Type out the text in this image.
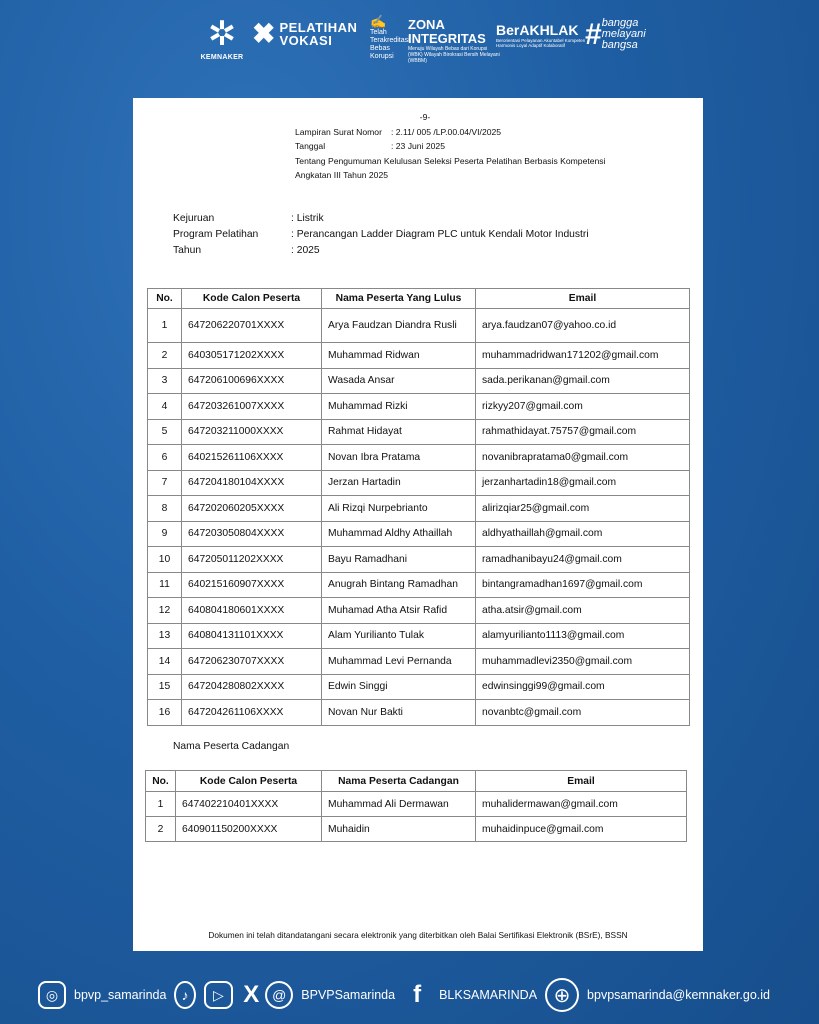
✲
KEMNAKER
✖ PELATIHAN VOKASI
✍
Telah Terakreditasi Bebas Korupsi
ZONA INTEGRITAS
Menuju Wilayah Bebas dari Korupsi (WBK) Wilayah Birokrasi Bersih Melayani (WBBM)
BerAKHLAK
Berorientasi Pelayanan Akuntabel Kompeten Harmonis Loyal Adaptif Kolaboratif # bangga melayani bangsa
-9-
Lampiran Surat Nomor	: 2.11/ 005 /LP.00.04/VI/2025
Tanggal	: 23 Juni 2025
Tentang Pengumuman Kelulusan Seleksi Peserta Pelatihan Berbasis Kompetensi
Angkatan III Tahun 2025
Kejuruan	: Listrik
Program Pelatihan	: Perancangan Ladder Diagram PLC untuk Kendali Motor Industri
Tahun	: 2025
No.	Kode Calon Peserta	Nama Peserta Yang Lulus	Email
1	647206220701XXXX	Arya Faudzan Diandra Rusli	arya.faudzan07@yahoo.co.id
2	640305171202XXXX	Muhammad Ridwan	muhammadridwan171202@gmail.com
3	647206100696XXXX	Wasada Ansar	sada.perikanan@gmail.com
4	647203261007XXXX	Muhammad Rizki	rizkyy207@gmail.com
5	647203211000XXXX	Rahmat Hidayat	rahmathidayat.75757@gmail.com
6	640215261106XXXX	Novan Ibra Pratama	novanibrapratama0@gmail.com
7	647204180104XXXX	Jerzan Hartadin	jerzanhartadin18@gmail.com
8	647202060205XXXX	Ali Rizqi Nurpebrianto	alirizqiar25@gmail.com
9	647203050804XXXX	Muhammad Aldhy Athaillah	aldhyathaillah@gmail.com
10	647205011202XXXX	Bayu Ramadhani	ramadhanibayu24@gmail.com
11	640215160907XXXX	Anugrah Bintang Ramadhan	bintangramadhan1697@gmail.com
12	640804180601XXXX	Muhamad Atha Atsir Rafid	atha.atsir@gmail.com
13	640804131101XXXX	Alam Yurilianto Tulak	alamyurilianto1113@gmail.com
14	647206230707XXXX	Muhammad Levi Pernanda	muhammadlevi2350@gmail.com
15	647204280802XXXX	Edwin Singgi	edwinsinggi99@gmail.com
16	647204261106XXXX	Novan Nur Bakti	novanbtc@gmail.com
Nama Peserta Cadangan
No.	Kode Calon Peserta	Nama Peserta Cadangan	Email
1	647402210401XXXX	Muhammad Ali Dermawan	muhalidermawan@gmail.com
2	640901150200XXXX	Muhaidin	muhaidinpuce@gmail.com
Dokumen ini telah ditandatangani secara elektronik yang diterbitkan oleh Balai Sertifikasi Elektronik (BSrE), BSSN
◎	bpvp_samarinda	♪	▷ X @	BPVPSamarinda f	BLKSAMARINDA ⊕	bpvpsamarinda@kemnaker.go.id
